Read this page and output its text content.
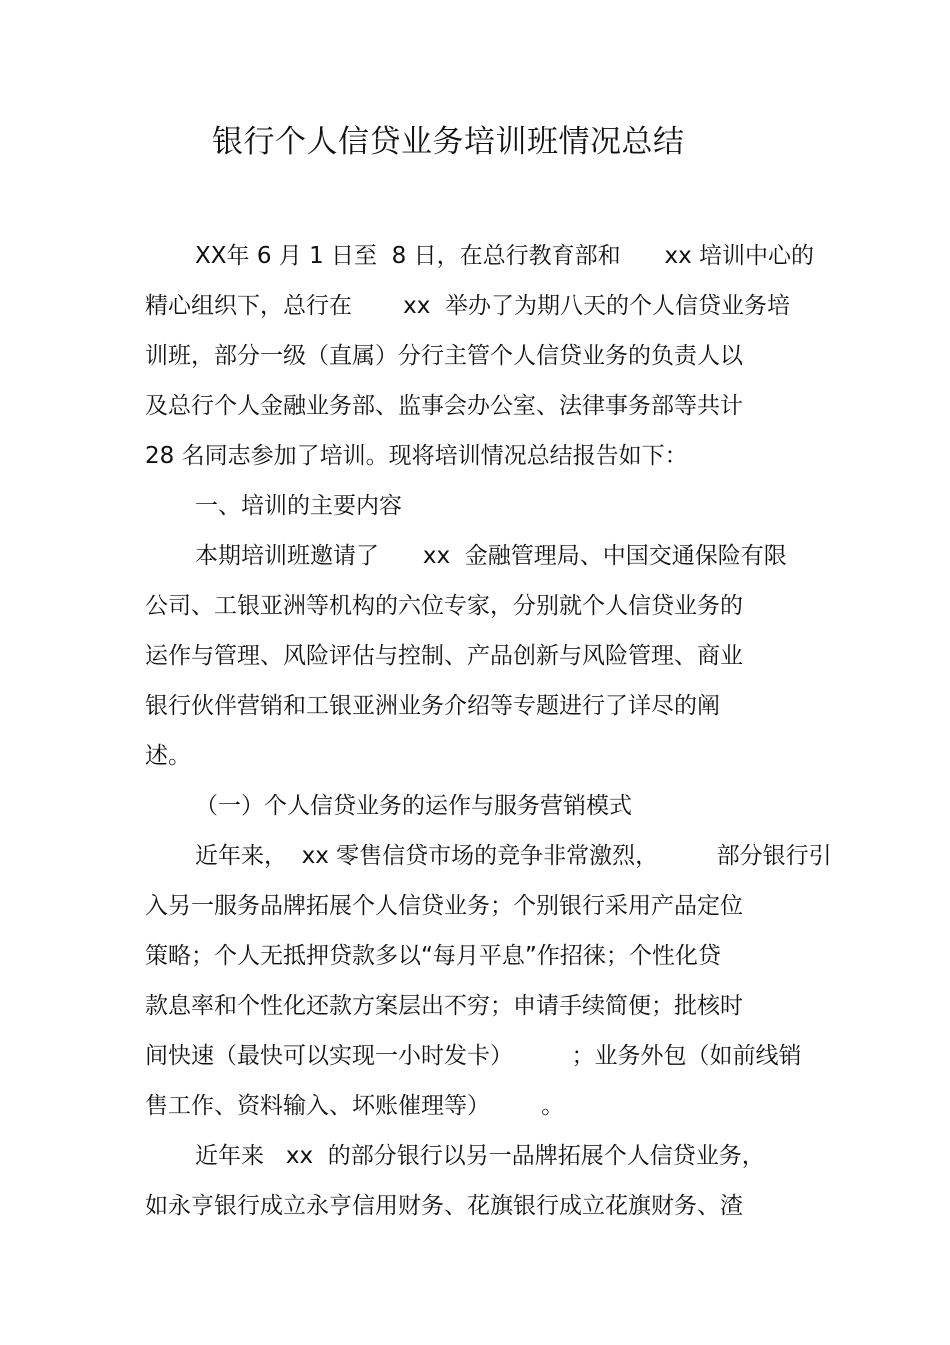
银行个人信贷业务培训班情况总结
XX年 6 月 1 日至  8 日，在总行教育部和      xx 培训中心的
精心组织下，总行在       xx  举办了为期八天的个人信贷业务培
训班，部分一级（直属）分行主管个人信贷业务的负责人以
及总行个人金融业务部、监事会办公室、法律事务部等共计
28 名同志参加了培训。现将培训情况总结报告如下：
一、培训的主要内容
本期培训班邀请了      xx  金融管理局、中国交通保险有限
公司、工银亚洲等机构的六位专家，分别就个人信贷业务的
运作与管理、风险评估与控制、产品创新与风险管理、商业
银行伙伴营销和工银亚洲业务介绍等专题进行了详尽的阐
述。
（一）个人信贷业务的运作与服务营销模式
近年来，  xx 零售信贷市场的竞争非常激烈，        部分银行引
入另一服务品牌拓展个人信贷业务；个别银行采用产品定位
策略；个人无抵押贷款多以“每月平息”作招徕；个性化贷
款息率和个性化还款方案层出不穷；申请手续简便；批核时
间快速（最快可以实现一小时发卡）        ；业务外包（如前线销
售工作、资料输入、坏账催理等）       。
近年来   xx  的部分银行以另一品牌拓展个人信贷业务，
如永亨银行成立永亨信用财务、花旗银行成立花旗财务、渣
